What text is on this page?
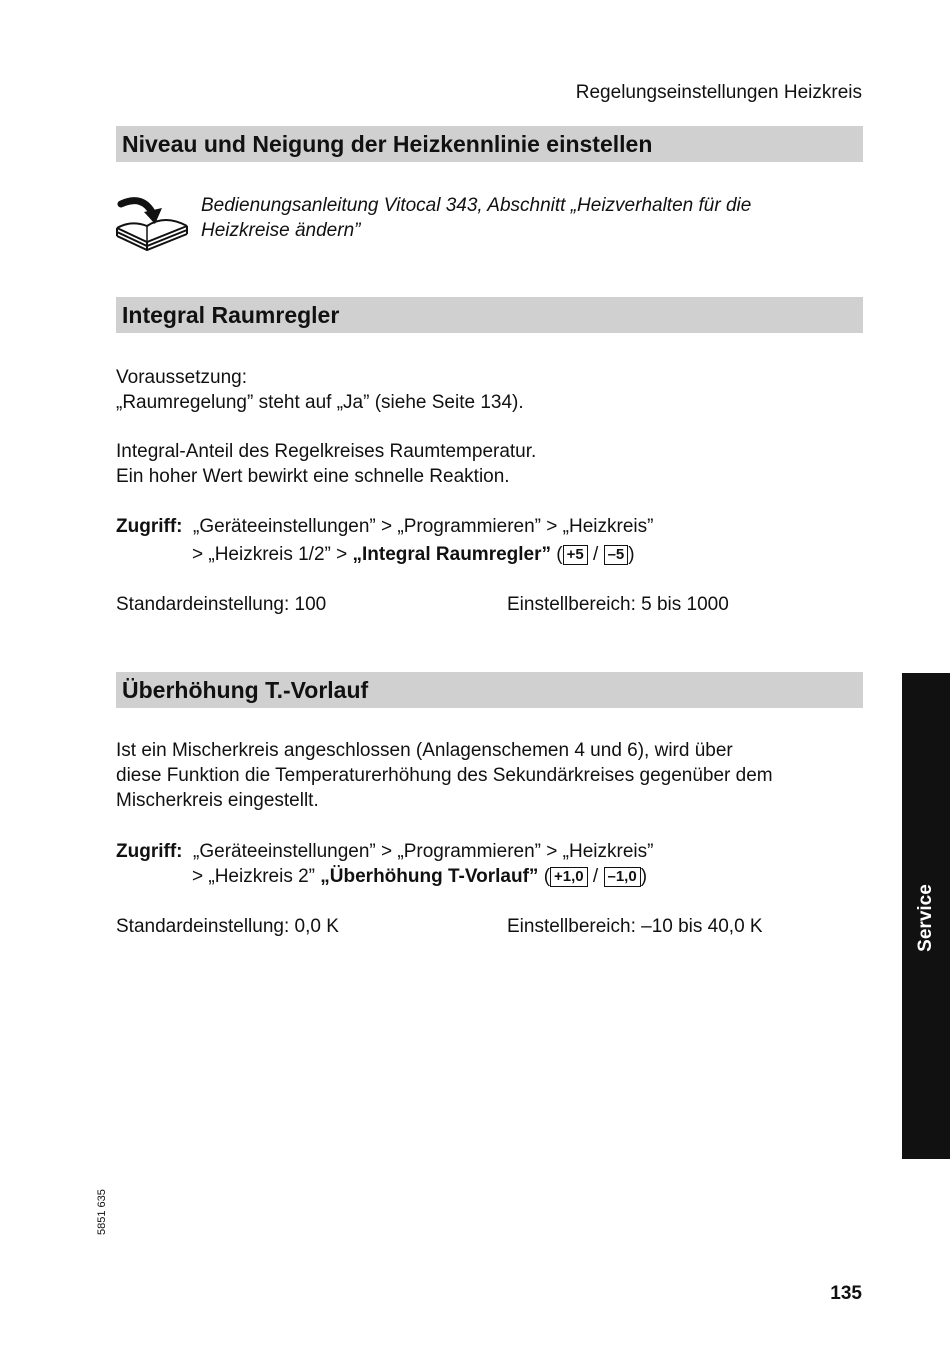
Regelungseinstellungen Heizkreis
Niveau und Neigung der Heizkennlinie einstellen
Bedienungsanleitung Vitocal 343, Abschnitt „Heizverhalten für die
Heizkreise ändern”
Integral Raumregler
Voraussetzung:
„Raumregelung” steht auf „Ja” (siehe Seite 134).
Integral-Anteil des Regelkreises Raumtemperatur.
Ein hoher Wert bewirkt eine schnelle Reaktion.
Zugriff: „Geräteeinstellungen” > „Programmieren” > „Heizkreis”
> „Heizkreis 1/2” > „Integral Raumregler” ( +5 / –5 )
Standardeinstellung: 100	Einstellbereich: 5 bis 1000
Überhöhung T.-Vorlauf
Ist ein Mischerkreis angeschlossen (Anlagenschemen 4 und 6), wird über
diese Funktion die Temperaturerhöhung des Sekundärkreises gegenüber dem
Mischerkreis eingestellt.
Zugriff: „Geräteeinstellungen” > „Programmieren” > „Heizkreis”
> „Heizkreis 2” „Überhöhung T-Vorlauf” ( +1,0 / –1,0 )
Standardeinstellung: 0,0 K	Einstellbereich: –10 bis 40,0 K	Service
5851 635
135
